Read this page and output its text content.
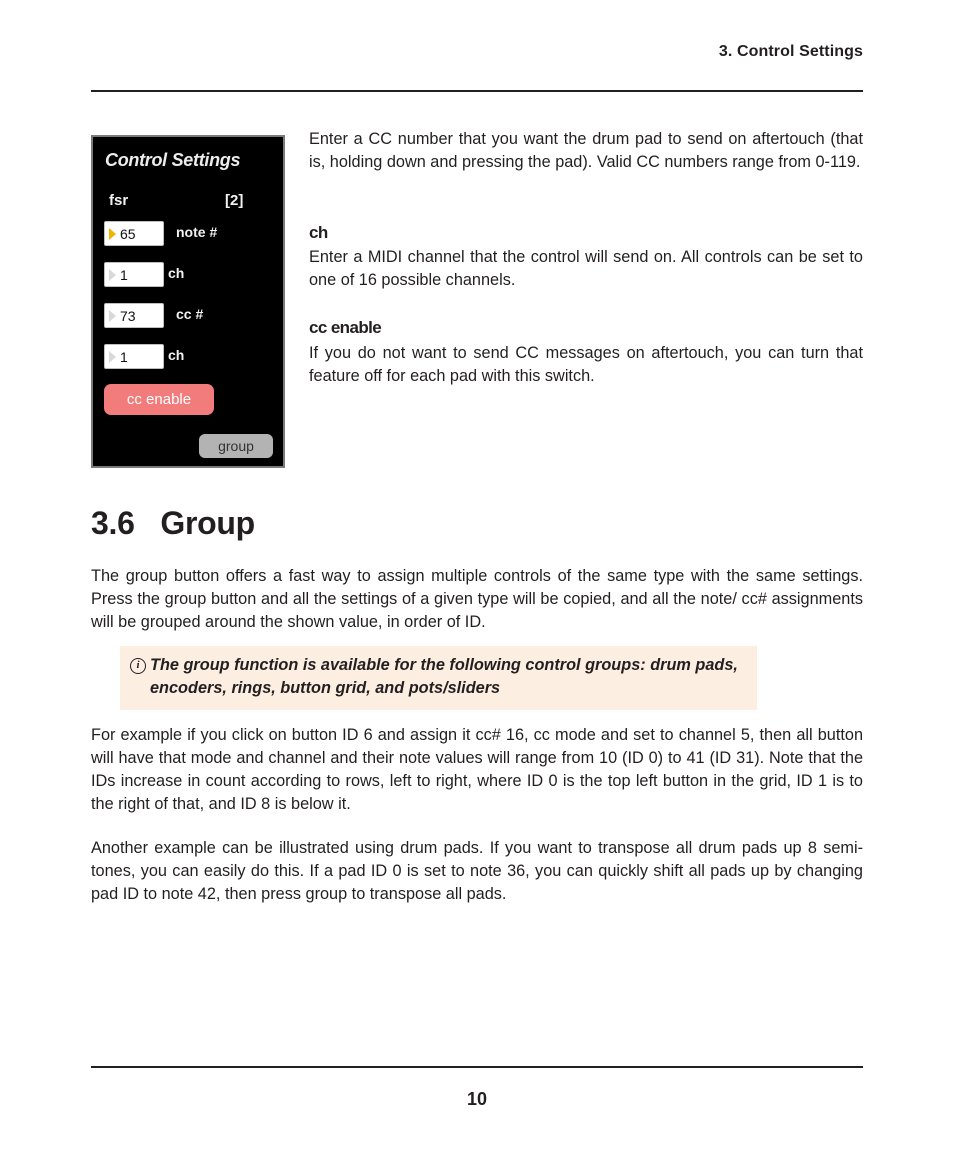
3. Control Settings
Control Settings
fsr	[2]
65	note #
1	ch
73	cc #
1	ch
cc enable
group

Enter a CC number that you want the drum pad to send on aftertouch (that is, holding down and pressing the pad). Valid CC numbers range from 0-119.

ch

Enter a MIDI channel that the control will send on. All controls can be set to one of 16 possible channels.

cc enable

If you do not want to send CC messages on aftertouch, you can turn that feature off for each pad with this switch.

3.6   Group

The group button offers a fast way to assign multiple controls of the same type with the same settings. Press the group button and all the settings of a given type will be copied, and all the note/ cc# assignments will be grouped around the shown value, in order of ID.

i The group function is available for the following control groups: drum pads, encoders, rings, button grid, and pots/sliders

For example if you click on button ID 6 and assign it cc# 16, cc mode and set to channel 5, then all button will have that mode and channel and their note values will range from 10 (ID 0) to 41 (ID 31). Note that the IDs increase in count according to rows, left to right, where ID 0 is the top left button in the grid, ID 1 is to the right of that, and ID 8 is below it.

Another example can be illustrated using drum pads. If you want to transpose all drum pads up 8 semi-tones, you can easily do this. If a pad ID 0 is set to note 36, you can quickly shift all pads up by changing pad ID to note 42, then press group to transpose all pads.

10
